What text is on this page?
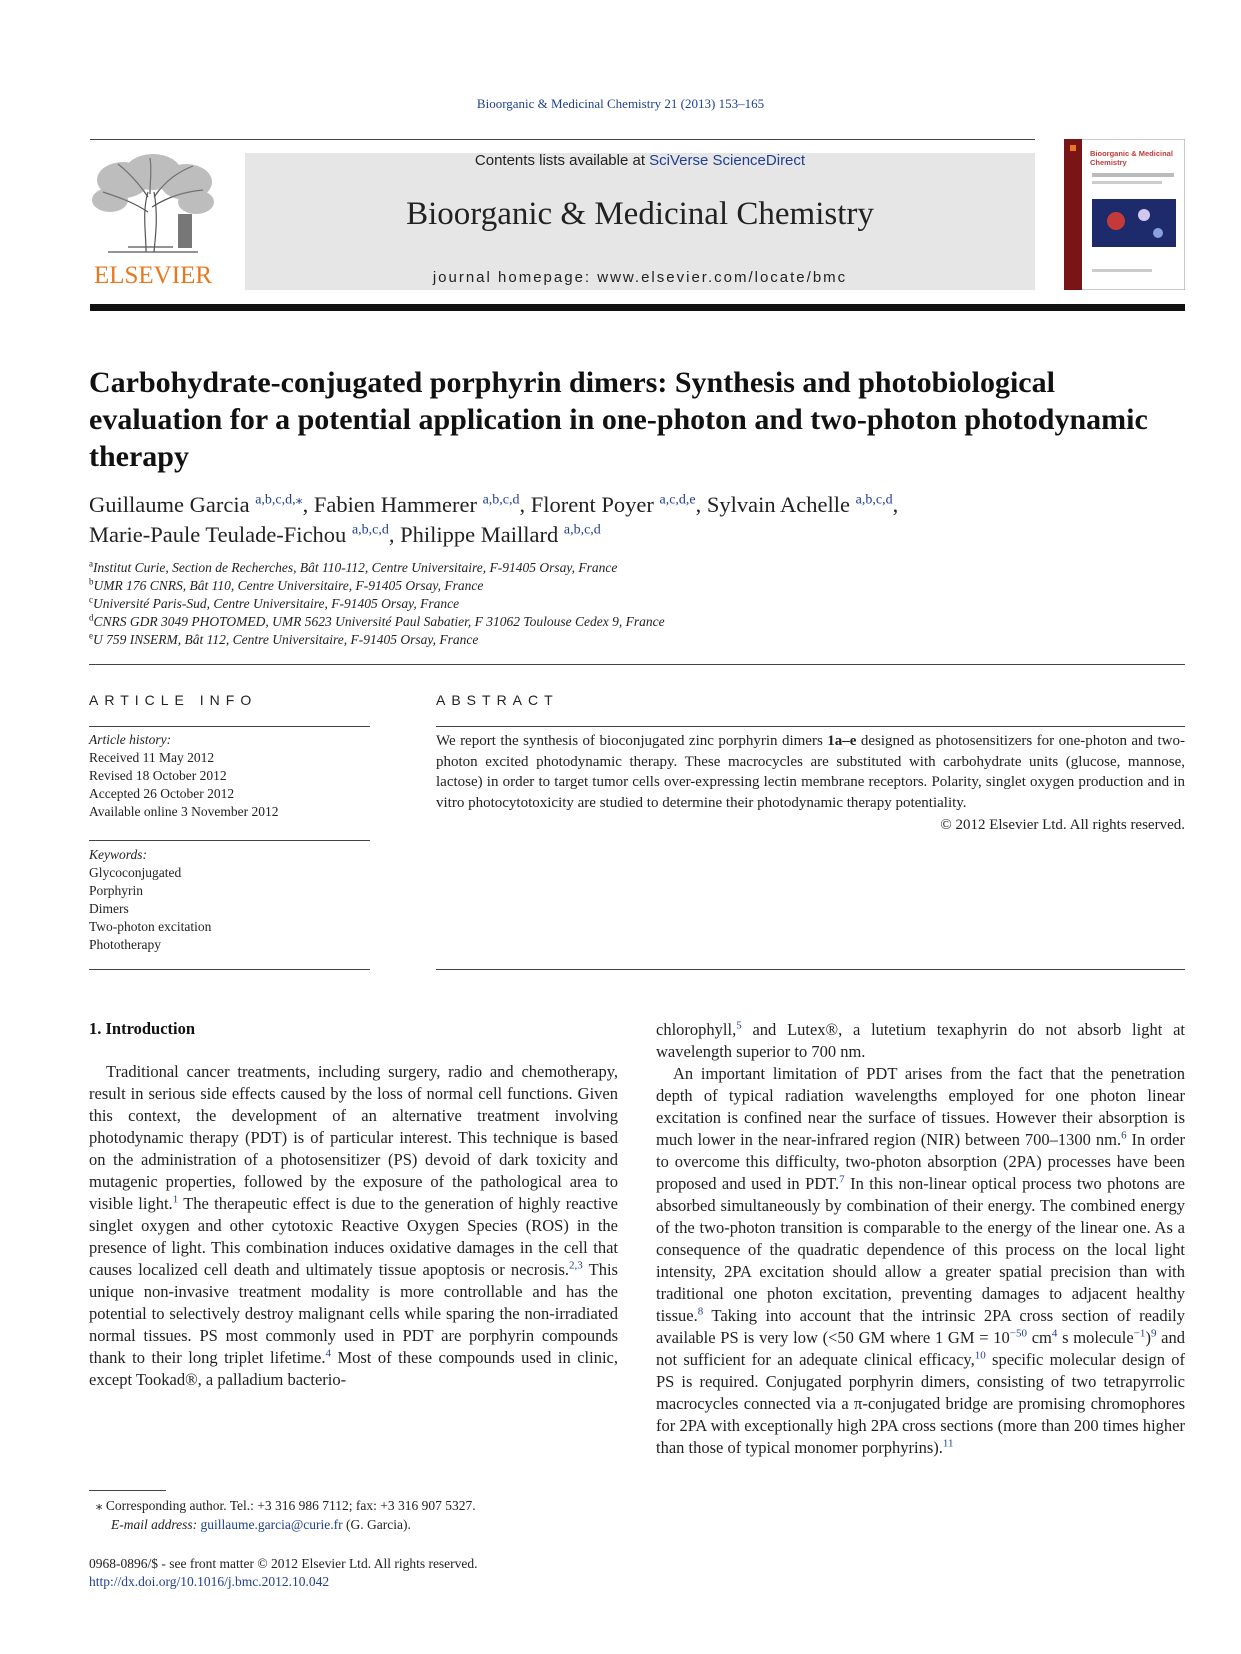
Bioorganic & Medicinal Chemistry 21 (2013) 153–165
ELSEVIER
Contents lists available at SciVerse ScienceDirect
Bioorganic & Medicinal Chemistry
journal homepage: www.elsevier.com/locate/bmc
Bioorganic & Medicinal Chemistry
Carbohydrate-conjugated porphyrin dimers: Synthesis and photobiological evaluation for a potential application in one-photon and two-photon photodynamic therapy
Guillaume Garcia $^{a,b,c,d,⁎}$, Fabien Hammerer $^{a,b,c,d}$, Florent Poyer $^{a,c,d,e}$, Sylvain Achelle $^{a,b,c,d}$,
Marie-Paule Teulade-Fichou $^{a,b,c,d}$, Philippe Maillard $^{a,b,c,d}$
$^a$Institut Curie, Section de Recherches, Bât 110-112, Centre Universitaire, F-91405 Orsay, France
$^b$UMR 176 CNRS, Bât 110, Centre Universitaire, F-91405 Orsay, France
$^c$Université Paris-Sud, Centre Universitaire, F-91405 Orsay, France
$^d$CNRS GDR 3049 PHOTOMED, UMR 5623 Université Paul Sabatier, F 31062 Toulouse Cedex 9, France
$^e$U 759 INSERM, Bât 112, Centre Universitaire, F-91405 Orsay, France
ARTICLE INFO	ABSTRACT
Article history:
Received 11 May 2012
Revised 18 October 2012
Accepted 26 October 2012
Available online 3 November 2012
Keywords:
Glycoconjugated
Porphyrin
Dimers
Two-photon excitation
Phototherapy
We report the synthesis of bioconjugated zinc porphyrin dimers 1a–e designed as photosensitizers for one-photon and two-photon excited photodynamic therapy. These macrocycles are substituted with carbohydrate units (glucose, mannose, lactose) in order to target tumor cells over-expressing lectin membrane receptors. Polarity, singlet oxygen production and in vitro photocytotoxicity are studied to determine their photodynamic therapy potentiality.
© 2012 Elsevier Ltd. All rights reserved.
1. Introduction

Traditional cancer treatments, including surgery, radio and chemotherapy, result in serious side effects caused by the loss of normal cell functions. Given this context, the development of an alternative treatment involving photodynamic therapy (PDT) is of particular interest. This technique is based on the administration of a photosensitizer (PS) devoid of dark toxicity and mutagenic properties, followed by the exposure of the pathological area to visible light.$^1$ The therapeutic effect is due to the generation of highly reactive singlet oxygen and other cytotoxic Reactive Oxygen Species (ROS) in the presence of light. This combination induces oxidative damages in the cell that causes localized cell death and ultimately tissue apoptosis or necrosis.$^{2,3}$ This unique non-invasive treatment modality is more controllable and has the potential to selectively destroy malignant cells while sparing the non-irradiated normal tissues. PS most commonly used in PDT are porphyrin compounds thank to their long triplet lifetime.$^4$ Most of these compounds used in clinic, except Tookad®, a palladium bacterio-

chlorophyll,$^5$ and Lutex®, a lutetium texaphyrin do not absorb light at wavelength superior to 700 nm.

An important limitation of PDT arises from the fact that the penetration depth of typical radiation wavelengths employed for one photon linear excitation is confined near the surface of tissues. However their absorption is much lower in the near-infrared region (NIR) between 700–1300 nm.$^6$ In order to overcome this difficulty, two-photon absorption (2PA) processes have been proposed and used in PDT.$^7$ In this non-linear optical process two photons are absorbed simultaneously by combination of their energy. The combined energy of the two-photon transition is comparable to the energy of the linear one. As a consequence of the quadratic dependence of this process on the local light intensity, 2PA excitation should allow a greater spatial precision than with traditional one photon excitation, preventing damages to adjacent healthy tissue.$^8$ Taking into account that the intrinsic 2PA cross section of readily available PS is very low (<50 GM where 1 GM = 10$^{-50}$ cm$^4$ s molecule$^{-1}$)$^9$ and not sufficient for an adequate clinical efficacy,$^{10}$ specific molecular design of PS is required. Conjugated porphyrin dimers, consisting of two tetrapyrrolic macrocycles connected via a π-conjugated bridge are promising chromophores for 2PA with exceptionally high 2PA cross sections (more than 200 times higher than those of typical monomer porphyrins).$^{11}$

⁎ Corresponding author. Tel.: +3 316 986 7112; fax: +3 316 907 5327.
E-mail address: guillaume.garcia@curie.fr (G. Garcia).
0968-0896/$ - see front matter © 2012 Elsevier Ltd. All rights reserved.
http://dx.doi.org/10.1016/j.bmc.2012.10.042
